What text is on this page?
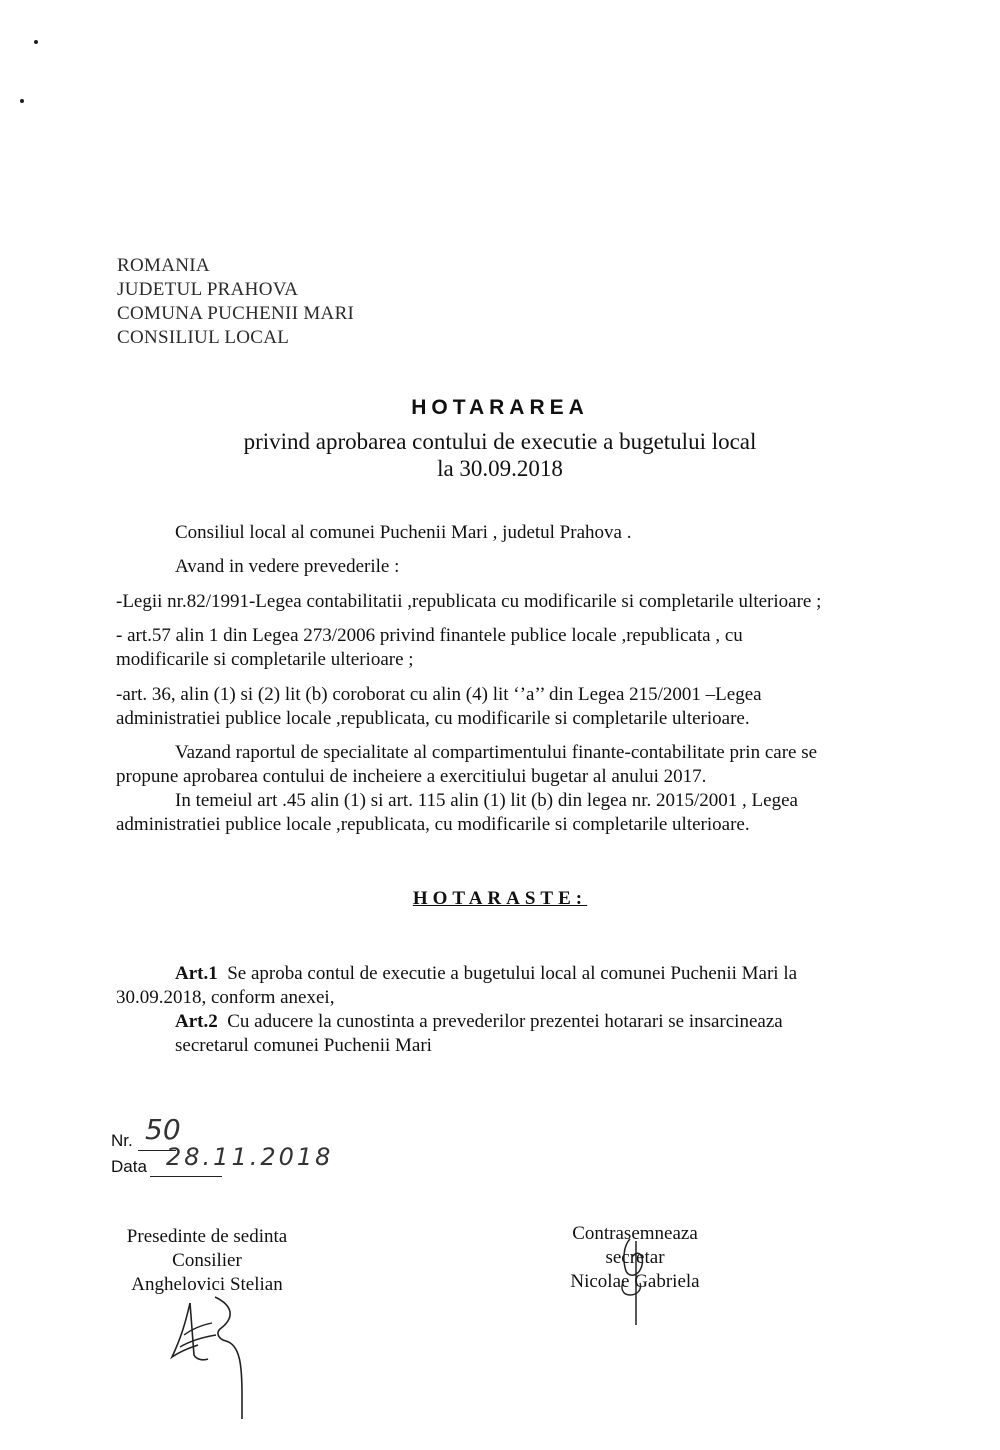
ROMANIA
JUDETUL PRAHOVA
COMUNA PUCHENII MARI
CONSILIUL LOCAL
HOTARAREA
privind aprobarea contului de executie a bugetului local
la 30.09.2018
Consiliul local al comunei Puchenii Mari , judetul Prahova .
Avand in vedere prevederile :
-Legii nr.82/1991-Legea contabilitatii ,republicata cu modificarile si completarile ulterioare ;
- art.57 alin 1 din Legea 273/2006 privind finantele publice locale ,republicata , cu
modificarile si completarile ulterioare ;
-art. 36, alin (1) si (2) lit (b) coroborat cu alin (4) lit ‘’a’’ din Legea 215/2001 –Legea
administratiei publice locale ,republicata, cu modificarile si completarile ulterioare.
Vazand raportul de specialitate al compartimentului finante-contabilitate prin care se
propune aprobarea contului de incheiere a exercitiului bugetar al anului 2017.
In temeiul art .45 alin (1) si art. 115 alin (1) lit (b) din legea nr. 2015/2001 , Legea
administratiei publice locale ,republicata, cu modificarile si completarile ulterioare.
HOTARASTE:
Art.1 Se aproba contul de executie a bugetului local al comunei Puchenii Mari la
30.09.2018, conform anexei,
Art.2 Cu aducere la cunostinta a prevederilor prezentei hotarari se insarcineaza
secretarul comunei Puchenii Mari
Nr. 50
Data 28.11.2018
Presedinte de sedinta
Consilier
Anghelovici Stelian
Contrasemneaza
secretar
Nicolae Gabriela
